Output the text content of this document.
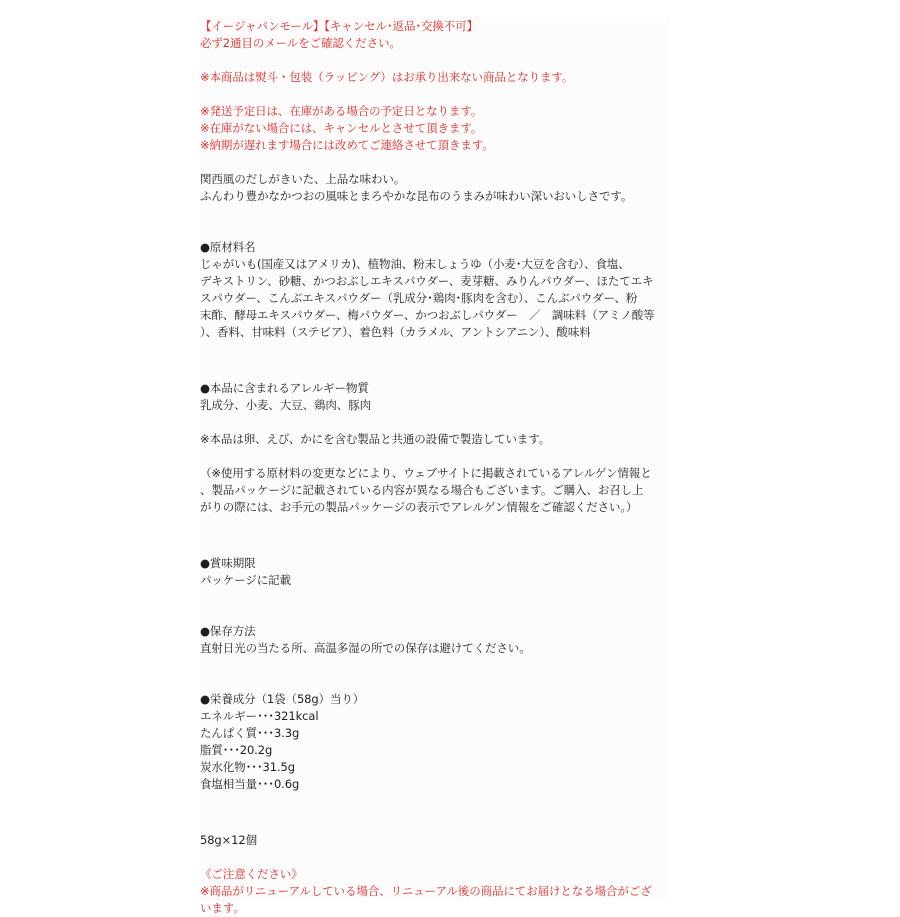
【イージャパンモール】【キャンセル･返品･交換不可】
必ず2通目のメールをご確認ください。
※本商品は熨斗・包装（ラッピング）はお承り出来ない商品となります。
※発送予定日は、在庫がある場合の予定日となります。
※在庫がない場合には、キャンセルとさせて頂きます。
※納期が遅れます場合には改めてご連絡させて頂きます。
関西風のだしがきいた、上品な味わい。
ふんわり豊かなかつおの風味とまろやかな昆布のうまみが味わい深いおいしさです。
●原材料名
じゃがいも(国産又はアメリカ)、植物油、粉末しょうゆ（小麦･大豆を含む）、食塩、
デキストリン、砂糖、かつおぶしエキスパウダー、麦芽糖、みりんパウダー、ほたてエキ
スパウダー、こんぶエキスパウダー（乳成分･鶏肉･豚肉を含む）、こんぶパウダー、粉
末酢、酵母エキスパウダー、梅パウダー、かつおぶしパウダー　／　調味料（アミノ酸等
）、香料、甘味料（ステビア）、着色料（カラメル、アントシアニン）、酸味料
●本品に含まれるアレルギー物質
乳成分、小麦、大豆、鶏肉、豚肉
※本品は卵、えび、かにを含む製品と共通の設備で製造しています。
（※使用する原材料の変更などにより、ウェブサイトに掲載されているアレルゲン情報と
、製品パッケージに記載されている内容が異なる場合もございます。ご購入、お召し上
がりの際には、お手元の製品パッケージの表示でアレルゲン情報をご確認ください。）
●賞味期限
パッケージに記載
●保存方法
直射日光の当たる所、高温多湿の所での保存は避けてください。
●栄養成分（1袋（58g）当り）
エネルギー･･･321kcal
たんぱく質･･･3.3g
脂質･･･20.2g
炭水化物･･･31.5g
食塩相当量･･･0.6g
58g×12個
《ご注意ください》
※商品がリニューアルしている場合、リニューアル後の商品にてお届けとなる場合がござ
います。
